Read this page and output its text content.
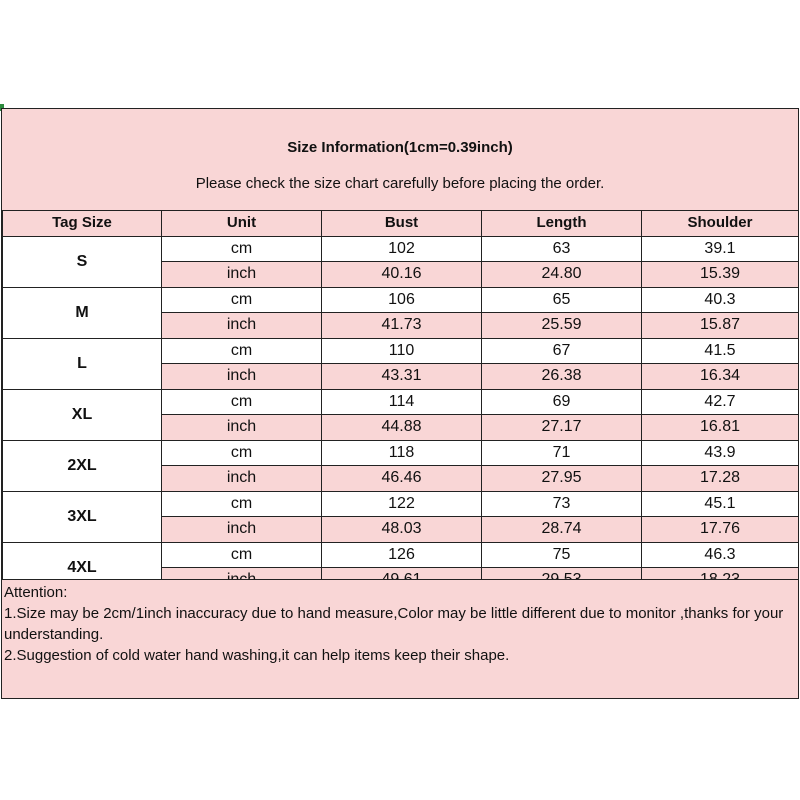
Size Information(1cm=0.39inch)
Please check the size chart carefully before placing the order.
Tag Size	Unit	Bust	Length	Shoulder
S	cm	102	63	39.1
	inch	40.16	24.80	15.39
M	cm	106	65	40.3
	inch	41.73	25.59	15.87
L	cm	110	67	41.5
	inch	43.31	26.38	16.34
XL	cm	114	69	42.7
	inch	44.88	27.17	16.81
2XL	cm	118	71	43.9
	inch	46.46	27.95	17.28
3XL	cm	122	73	45.1
	inch	48.03	28.74	17.76
4XL	cm	126	75	46.3

Attention:
1.Size may be 2cm/1inch inaccuracy due to hand measure,Color may be little different due to monitor ,thanks for your understanding.
2.Suggestion of cold water hand washing,it can help items keep their shape.
